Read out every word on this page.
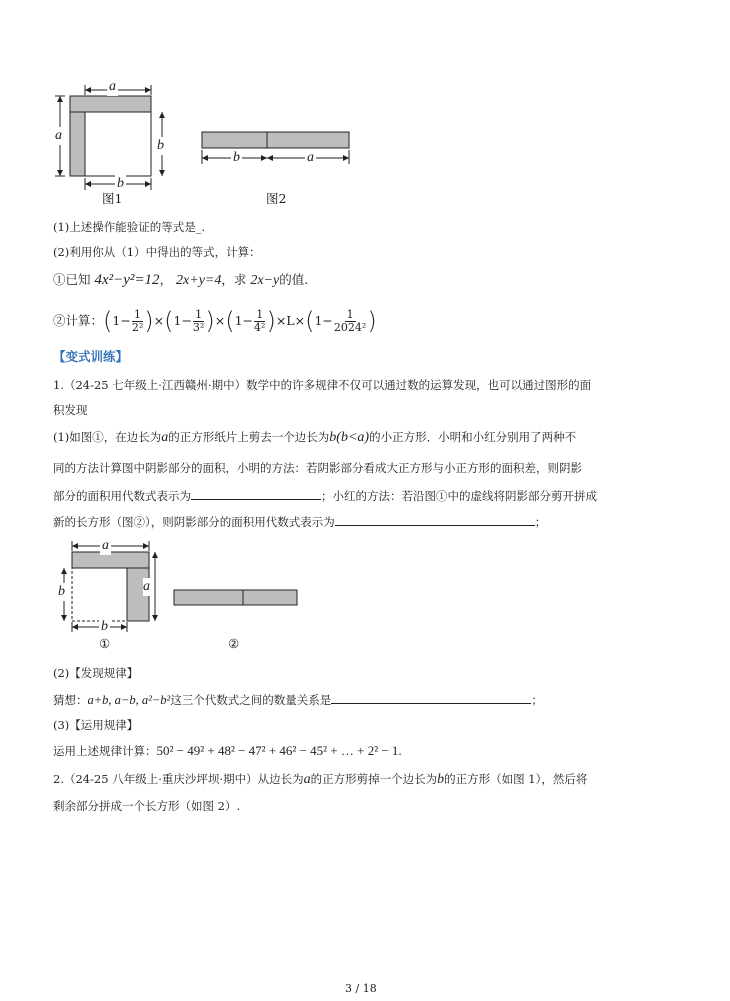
a
a
b
b
图1	图2
b	a
(1)上述操作能验证的等式是_.
(2)利用你从（1）中得出的等式，计算：
①已知 4x²−y²=12， 2x+y=4，求 2x−y的值.
②计算： ( $1 - \frac{1}{\text{2²}}$ ) × ( $1 - \frac{1}{\text{3²}}$ ) × ( $1 - \frac{1}{\text{4²}}$ ) × L × ( $1 - \frac{1}{\text{2024²}}$ )
【变式训练】
1.（24-25 七年级上·江西赣州·期中）数学中的许多规律不仅可以通过数的运算发现，也可以通过图形的面
积发现
(1)如图①，在边长为a的正方形纸片上剪去一个边长为b(b<a)的小正方形．小明和小红分别用了两种不
同的方法计算图中阴影部分的面积，小明的方法：若阴影部分看成大正方形与小正方形的面积差，则阴影
部分的面积用代数式表示为	；小红的方法：若沿图①中的虚线将阴影部分剪开拼成
新的长方形（图②），则阴影部分的面积用代数式表示为	；
a
a
b
b
①	②
(2)【发现规律】
猜想：a+b, a−b, a²−b²这三个代数式之间的数量关系是	；
(3)【运用规律】
运用上述规律计算：50² − 49² + 48² − 47² + 46² − 45² + … + 2² − 1.
2.（24-25 八年级上·重庆沙坪坝·期中）从边长为a的正方形剪掉一个边长为b的正方形（如图 1），然后将
剩余部分拼成一个长方形（如图 2）.
3 / 18
